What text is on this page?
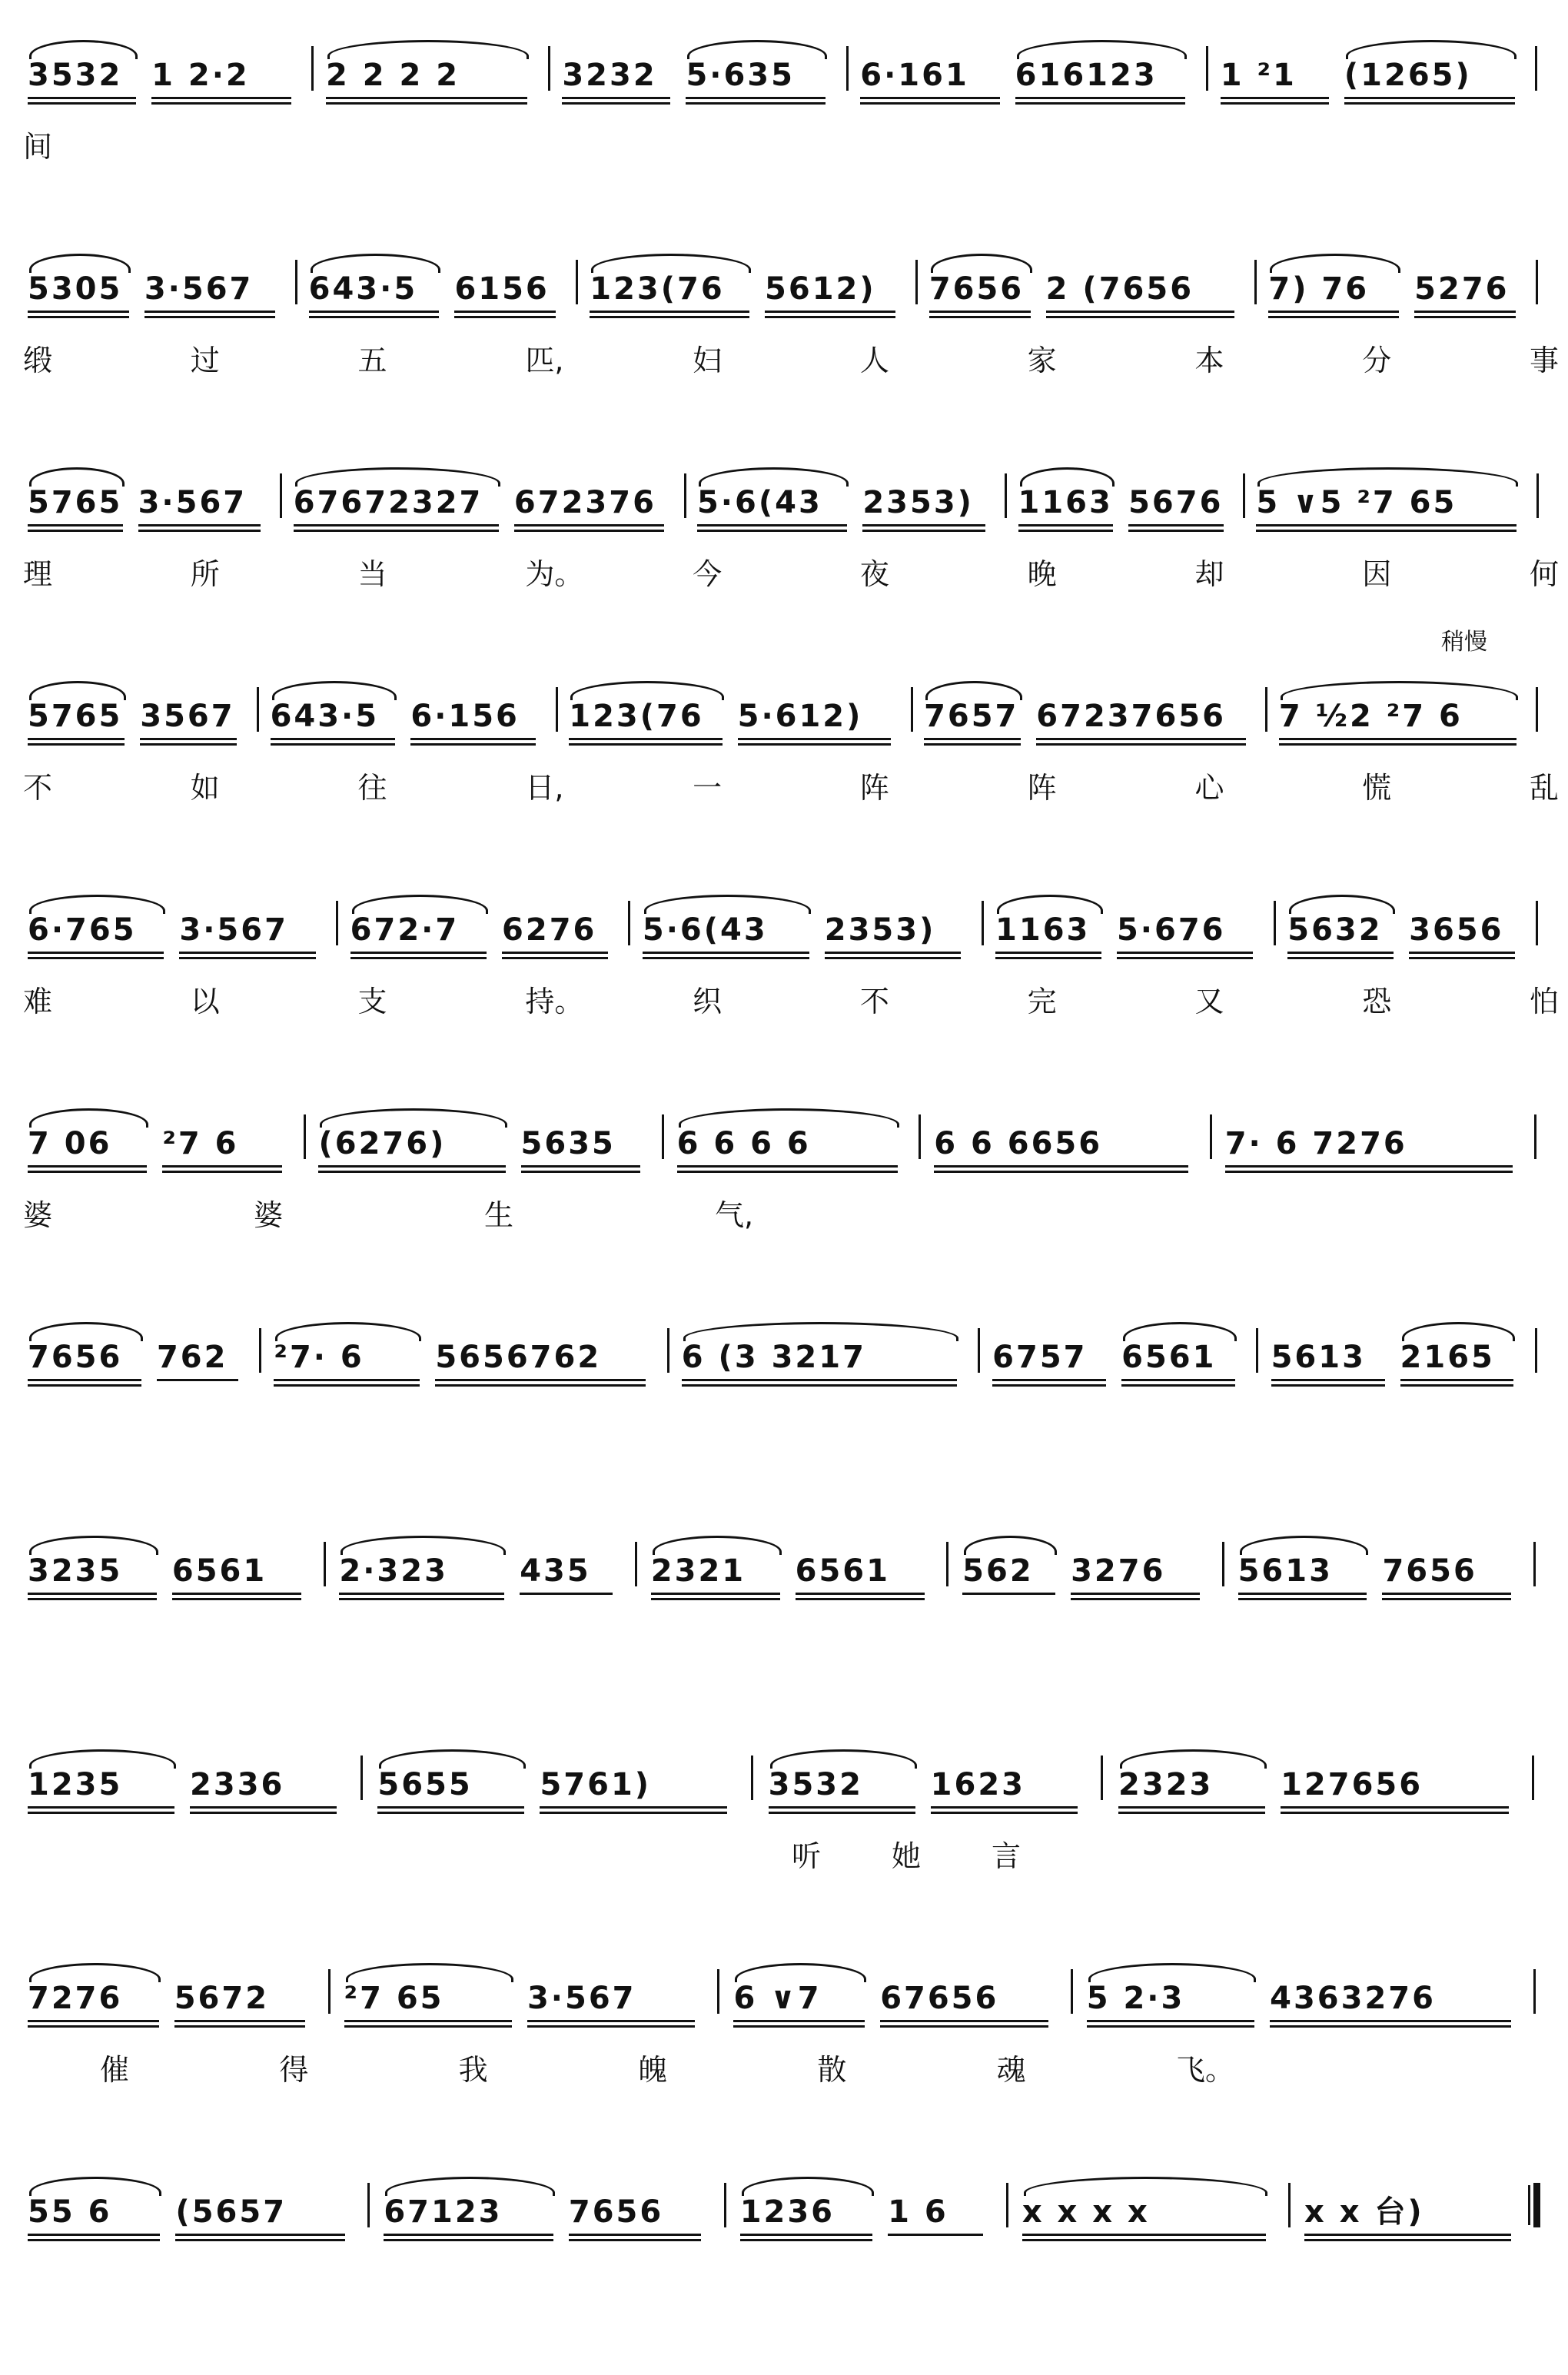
稍慢
3532 1 2·2 2 2 2 2	3232 5·635 6·161 616123 1 ²1 (1265)
间
5305 3·567 643·5 6156 123(76 5612) 7656 2 (7656 7) 76 5276
缎	过	五	匹,	妇	人	家	本	分	事
5765 3·567 67672327 672376 5·6(43 2353) 1163 5676 5 ∨5 ²7 65
理	所	当	为。	今	夜	晚	却	因	何
5765 3567 643·5 6·156 123(76 5·612) 7657 67237656 7 ½2 ²7 6
不	如	往	日,	一	阵	阵	心	慌	乱
6·765 3·567 672·7 6276 5·6(43 2353) 1163 5·676 5632 3656
难	以	支	持。	织	不	完	又	恐	怕
7 06 ²7 6	(6276) 5635 6 6 6 6	6 6 6656	7· 6 7276
婆	婆	生	气,
7656 762 ²7· 6 5656762	6 (3 3217	6757 6561 5613 2165
3235 6561 2·323 435 2321 6561 562 3276 5613 7656
1235 2336	5655 5761)	3532 1623	2323 127656
听 她 言
7276 5672 ²7 65	3·567	6 ∨7 67656	5 2·3	4363276
催	得	我	魄	散	魂	飞。
55 6 (5657	67123 7656 1236 1 6 x x x x	x x 台)
